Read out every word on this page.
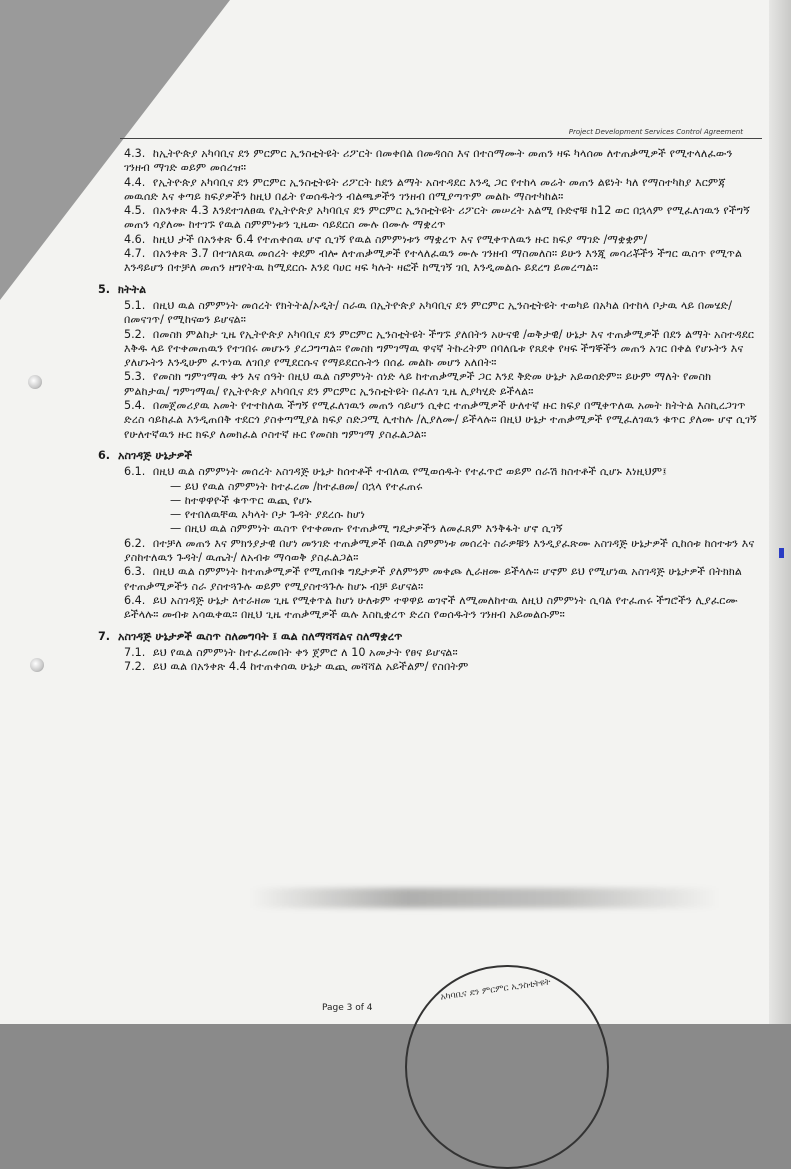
Project Development Services Control Agreement
4.3. ከኢትዮጵያ አካባቢና ደን ምርምር ኢንስቲትዩት ሪፖርት በመቀበል በመዳሰስ እና በተስማሙት መጠን ዛፍ ካላሰመ ለተጠቃሚዎች የሚተላለፈውን ገንዘብ ማገድ ወይም መሰረዝ።
4.4. የኢትዮጵያ አካባቢና ደን ምርምር ኢንስቲትዩት ሪፖርት ከደን ልማት አስተዳደር እንዲ ጋር የተከላ መሬት መጠን ልዩነት ካለ የማስተካከያ እርምጃ መዉሰድ እና ቀጣይ ክፍያዎችን ከዚህ በፊት የወሰዱትን ብልጫዎችን ገንዘብ በሚያጣጥም መልኩ ማስተካከል።
4.5. በአንቀጽ 4.3 እንደተገለፀዉ የኢትዮጵያ አካባቢና ደን ምርምር ኢንስቲትዩት ሪፖርት መሠረት አልሚ ቡድኖቹ ከ12 ወር በኋላም የሚፈለገዉን የችግኝ መጠን ሳያለሙ ከተገኙ የዉል ስምምነቱን ጊዜው ሳይደርስ ሙሉ በሙሉ ማቋረጥ
4.6. ከዚህ ታች በአንቀጽ 6.4 የተጠቀሰዉ ሆኖ ሲገኝ የዉል ስምምነቱን ማቋረጥ እና የሚቀጥለዉን ዙር ክፍያ ማገድ /ማቋቋም/
4.7. በአንቀጽ 3.7 በተገለጸዉ መሰረት ቀደም ብሎ ለተጠቃሚዎች የተላለፈዉን ሙሉ ገንዘብ ማስመለስ። ይሁን እንጂ መሳሪቾችን ችግር ዉስጥ የሚጥል እንዳይሆን በተቻለ መጠን ዘግየትዉ ከሚደርሱ እንደ ባሀር ዛፍ ካሉት ዛፎች ከሚገኝ ገቢ እንዲመልሱ ይደረግ ይመረጣል።
5. ክትትል
5.1. በዚህ ዉል ስምምነት መሰረት የክትትል/ኦዲት/ ስራዉ በኢትዮጵያ አካባቢና ደን ምርምር ኢንስቲትዩት ተወካይ በአካል በተከላ ቦታዉ ላይ በመሄድ/በመናገጥ/ የሚከናወን ይሆናል።
5.2. በመስክ ምልከታ ጊዜ የኢትዮጵያ አካባቢና ደን ምርምር ኢንስቲትዩት ችግኙ ያለበትን አሁናዊ /ወቅታዊ/ ሁኔታ እና ተጠቃሚዎች በደን ልማት አስተዳደር እቅዱ ላይ የተቀመጠዉን የተገበሩ መሆኑን ያረጋግጣል። የመስክ ግምገማዉ ዋናኛ ትኩረትም በባለቤቱ የጸደቀ የዛፍ ችግኞችን መጠን አገር በቀል የሆኑትን እና ያለሆኑትን እንዲሁም ፈጥነዉ ለገበያ የሚደርሱና የማይደርሱትን በሰፊ መልኩ መሆን አለበት።
5.3. የመስክ ግምገማዉ ቀን እና ሰዓት በዚህ ዉል ስምምነት ሰነድ ላይ ከተጠቃሚዎች ጋር እንደ ቅድመ ሁኔታ አይወሰድም። ይሁም ማለት የመስክ ምልከታዉ/ ግምገማዉ/ የኢትዮጵያ አካባቢና ደን ምርምር ኢንስቲትዩት በፈለገ ጊዜ ሊያካሂድ ይችላል።
5.4. በመጀመሪያዉ አመት የተተከለዉ ችግኝ የሚፈለገዉን መጠን ሳይሆን ሲቀር ተጠቃሚዎች ሁለተኛ ዙር ክፍያ በሚቀጥለዉ አመት ክትትል እስኪረጋገጥ ድረስ ሳይከፈል እንዲጠበቅ ተደርጎ ያስቀጣሚያል ክፍያ ስድጋሚ ሊተከሉ /ሊያለሙ/ ይችላሉ። በዚህ ሁኔታ ተጠቃሚዎች የሚፈለገዉን ቁጥር ያለሙ ሆኖ ሲገኝ የሁለተኛዉን ዙር ክፍያ ለመክፈል ሶስተኛ ዙር የመስክ ግምገማ ያስፈልጋል።
6. አስገዳጅ ሁኔታዎች
6.1. በዚህ ዉል ስምምነት መሰረት አስገዳጅ ሁኔታ ከሰተቶች ተብለዉ የሚወሰዱት የተፈጥሮ ወይም ሰራሽ ክስተቶች ሲሆኑ እነዚህም፤
— ይህ የዉል ስምምነት ከተፈረመ /ከተፈፀመ/ በኋላ የተፈጠሩ
— ከተዋዋዮች ቁጥጥር ዉጪ የሆኑ
— የተበለዉቸዉ አካላት ቦታ ጉዳት ያደረሱ ከሆነ
— በዚህ ዉል ስምምነት ዉስጥ የተቀመጡ የተጠቃሚ ግዴታዎችን ለመፈጸም እንቅፋት ሆኖ ሲገኝ
6.2. በተቻለ መጠን እና ምክንያታዊ በሆነ መንገድ ተጠቃሚዎች በዉል ስምምነቱ መሰረት ስራዎቹን እንዲያፈጽሙ አስገዳጅ ሁኔታዎች ሲከሰቱ ከሰተቱን እና ያስከተለዉን ጉዳት/ ዉጤት/ ለአብቱ ማሳወቅ ያስፈልጋል።
6.3. በዚህ ዉል ስምምነት ከተጠቃሚዎች የሚጠበቁ ግዴታዎች ያለምንም መቀጮ ሊራዘሙ ይችላሉ። ሆኖም ይህ የሚሆነዉ አስገዳጅ ሁኔታዎች በትክክል የተጠቃሚዎችን ስራ ያስተጓጉሉ ወይም የሚያስተጓጉሉ ከሆኑ ብቻ ይሆናል።
6.4. ይህ አስገዳጅ ሁኔታ ለተራዘመ ጊዜ የሚቀጥል ከሆነ ሁለቱም ተዋዋይ ወገኖች ለሚመለከተዉ ለዚህ ስምምነት ሲባል የተፈጠሩ ችግሮችን ሊያፈርሙ ይችላሉ። መብቱ አሳዉቀዉ። በዚህ ጊዜ ተጠቃሚዎች ዉሉ እስኪቋረጥ ድረስ የወሰዱትን ገንዘብ አይመልሱም።
7. አስገዳጅ ሁኔታዎች ዉስጥ ስለመግባት ፤ ዉል ስለማሻሻልና ስለማቋረጥ
7.1. ይህ የዉል ስምምነት ከተፈረመበት ቀን ጀምሮ ለ 10 አመታት የፀና ይሆናል።
7.2. ይህ ዉል በአንቀጽ 4.4 ከተጠቀሰዉ ሁኔታ ዉጪ መሻሻል አይችልም/ የስበትም
Page 3 of 4
አካባቢና ደን ምርምር ኢንስቲትዩት
